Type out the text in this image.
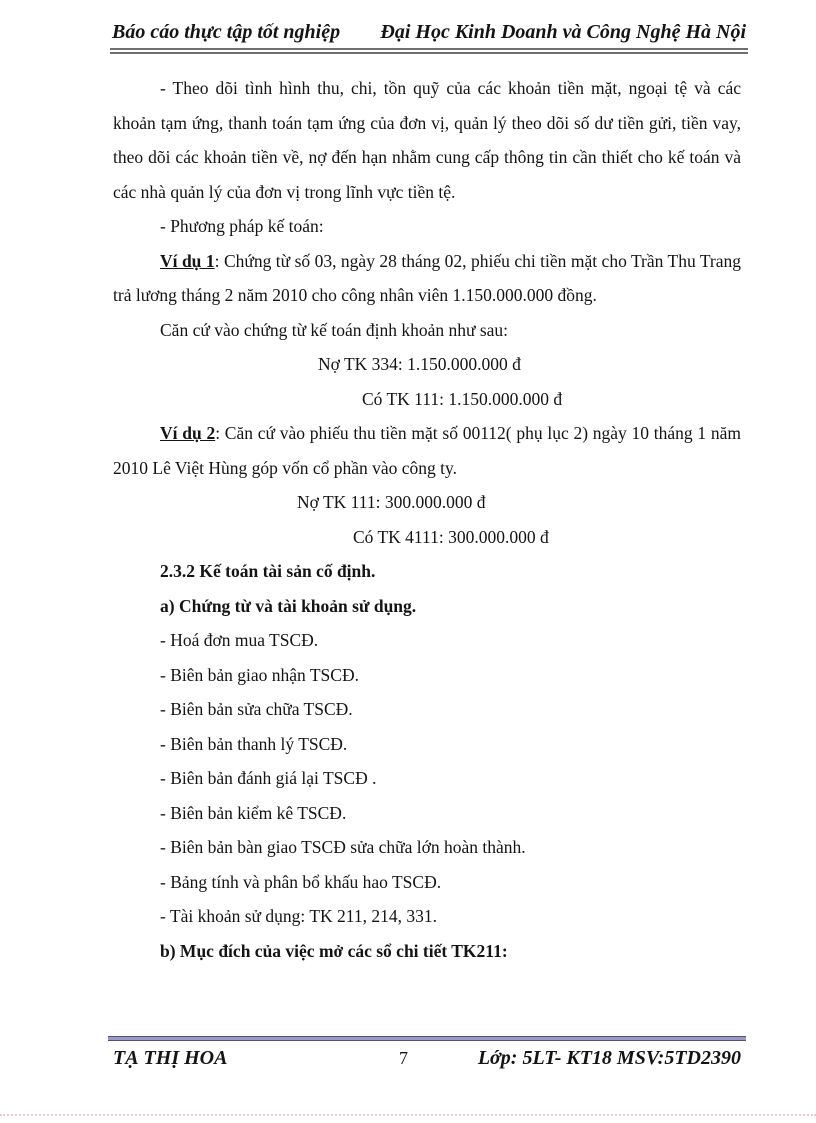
Báo cáo thực tập tốt nghiệp Đại Học Kinh Doanh và Công Nghệ Hà Nội

- Theo dõi tình hình thu, chi, tồn quỹ của các khoản tiền mặt, ngoại tệ và các khoản tạm ứng, thanh toán tạm ứng của đơn vị, quản lý theo dõi số dư tiền gửi, tiền vay, theo dõi các khoản tiền về, nợ đến hạn nhằm cung cấp thông tin cần thiết cho kế toán và các nhà quản lý của đơn vị trong lĩnh vực tiền tệ.

- Phương pháp kế toán:

Ví dụ 1: Chứng từ số 03, ngày 28 tháng 02, phiếu chi tiền mặt cho Trần Thu Trang trả lương tháng 2 năm 2010 cho công nhân viên 1.150.000.000 đồng.

Căn cứ vào chứng từ kế toán định khoản như sau:

Nợ TK 334: 1.150.000.000 đ

Có TK 111: 1.150.000.000 đ

Ví dụ 2: Căn cứ vào phiếu thu tiền mặt số 00112( phụ lục 2) ngày 10 tháng 1 năm 2010 Lê Việt Hùng góp vốn cổ phần vào công ty.

Nợ TK 111: 300.000.000 đ

Có TK 4111: 300.000.000 đ

2.3.2 Kế toán tài sản cố định.

a) Chứng từ và tài khoản sử dụng.

- Hoá đơn mua TSCĐ.

- Biên bản giao nhận TSCĐ.

- Biên bản sửa chữa TSCĐ.

- Biên bản thanh lý TSCĐ.

- Biên bản đánh giá lại TSCĐ .

- Biên bản kiểm kê TSCĐ.

- Biên bản bàn giao TSCĐ sửa chữa lớn hoàn thành.

- Bảng tính và phân bổ khấu hao TSCĐ.

- Tài khoản sử dụng: TK 211, 214, 331.

b) Mục đích của việc mở các sổ chi tiết TK211:

TẠ THỊ HOA	7	Lớp: 5LT- KT18 MSV:5TD2390
